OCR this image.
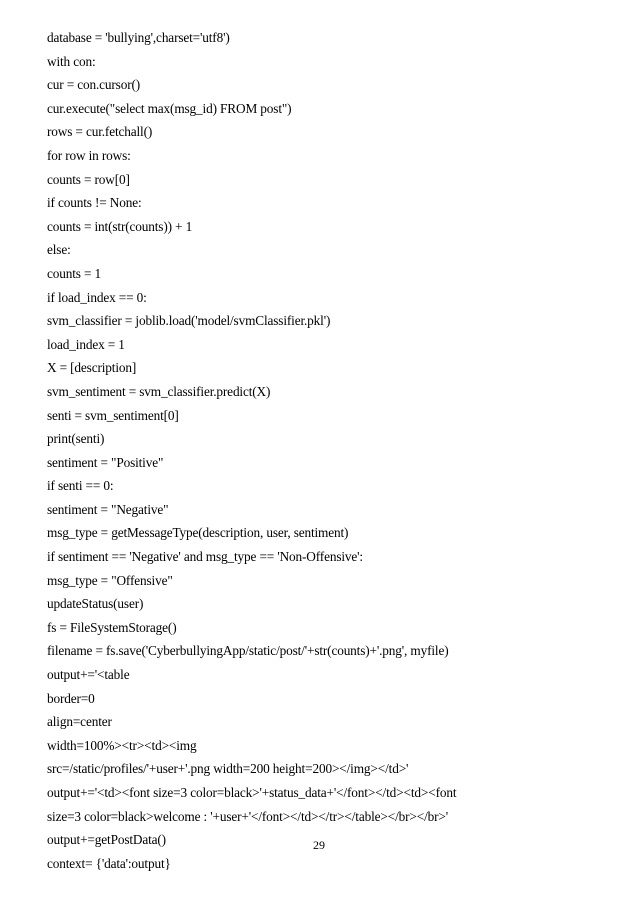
database = 'bullying',charset='utf8')
with con:
cur = con.cursor()
cur.execute("select max(msg_id) FROM post")
rows = cur.fetchall()
for row in rows:
counts = row[0]
if counts != None:
counts = int(str(counts)) + 1
else:
counts = 1
if load_index == 0:
svm_classifier = joblib.load('model/svmClassifier.pkl')
load_index = 1
X = [description]
svm_sentiment = svm_classifier.predict(X)
senti = svm_sentiment[0]
print(senti)
sentiment = "Positive"
if senti == 0:
sentiment = "Negative"
msg_type = getMessageType(description, user, sentiment)
if sentiment == 'Negative' and msg_type == 'Non-Offensive':
msg_type = "Offensive"
updateStatus(user)
fs = FileSystemStorage()
filename = fs.save('CyberbullyingApp/static/post/'+str(counts)+'.png', myfile)
output+='<table
border=0
align=center
width=100%><tr><td><img
src=/static/profiles/'+user+'.png width=200 height=200></img></td>'
output+='<td><font size=3 color=black>'+status_data+'</font></td><td><font
size=3 color=black>welcome : '+user+'</font></td></tr></table></br></br>'
output+=getPostData()
context= {'data':output}
29
